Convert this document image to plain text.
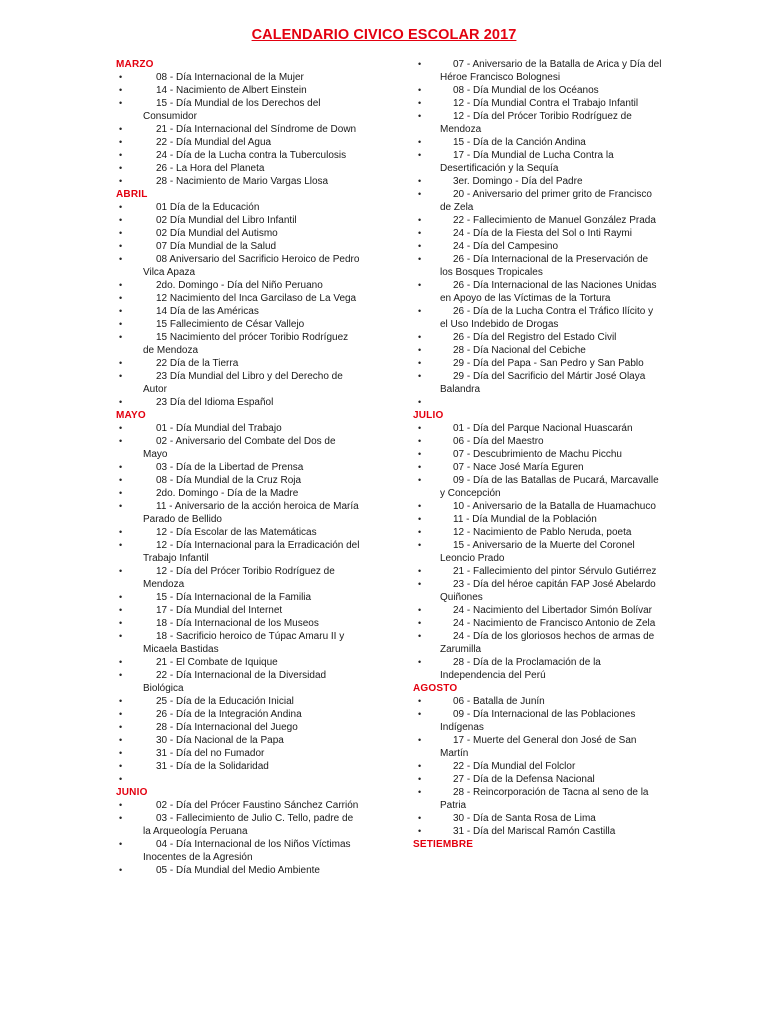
CALENDARIO CIVICO ESCOLAR 2017
MARZO
•	08 - Día Internacional de la Mujer
•	14 - Nacimiento de Albert Einstein
•	15 - Día Mundial de los Derechos del Consumidor
•	21 - Día Internacional del Síndrome de Down
•	22 - Día Mundial del Agua
•	24 - Día de la Lucha contra la Tuberculosis
•	26 - La Hora del Planeta
•	28 - Nacimiento de Mario Vargas Llosa
ABRIL
•	01 Día de la Educación
•	02 Día Mundial del Libro Infantil
•	02 Día Mundial del Autismo
•	07 Día Mundial de la Salud
•	08 Aniversario del Sacrificio Heroico de Pedro Vilca Apaza
•	2do. Domingo - Día del Niño Peruano
•	12 Nacimiento del Inca Garcilaso de La Vega
•	14 Día de las Américas
•	15 Fallecimiento de César Vallejo
•	15 Nacimiento del prócer Toribio Rodríguez de Mendoza
•	22 Día de la Tierra
•	23 Día Mundial del Libro y del Derecho de Autor
•	23 Día del Idioma Español
MAYO
•	01 - Día Mundial del Trabajo
•	02 - Aniversario del Combate del Dos de Mayo
•	03 - Día de la Libertad de Prensa
•	08 - Día Mundial de la Cruz Roja
•	2do. Domingo - Día de la Madre
•	11 - Aniversario de la acción heroica de María Parado de Bellido
•	12 - Día Escolar de las Matemáticas
•	12 - Día Internacional para la Erradicación del Trabajo Infantil
•	12 - Día del Prócer Toribio Rodríguez de Mendoza
•	15 - Día Internacional de la Familia
•	17 - Día Mundial del Internet
•	18 - Día Internacional de los Museos
•	18 - Sacrificio heroico de Túpac Amaru II y Micaela Bastidas
•	21 - El Combate de Iquique
•	22 - Día Internacional de la Diversidad Biológica
•	25 - Día de la Educación Inicial
•	26 - Día de la Integración Andina
•	28 - Día Internacional del Juego
•	30 - Día Nacional de la Papa
•	31 - Día del no Fumador
•	31 - Día de la Solidaridad
•
JUNIO
•	02 - Día del Prócer Faustino Sánchez Carrión
•	03 - Fallecimiento de Julio C. Tello, padre de la Arqueología Peruana
•	04 - Día Internacional de los Niños Víctimas Inocentes de la Agresión
•	05 - Día Mundial del Medio Ambiente
•	07 - Aniversario de la Batalla de Arica y Día del Héroe Francisco Bolognesi
•	08 - Día Mundial de los Océanos
•	12 - Día Mundial Contra el Trabajo Infantil
•	12 - Día del Prócer Toribio Rodríguez de Mendoza
•	15 - Día de la Canción Andina
•	17 - Día Mundial de Lucha Contra la Desertificación y la Sequía
•	3er. Domingo - Día del Padre
•	20 - Aniversario del primer grito de Francisco de Zela
•	22 - Fallecimiento de Manuel González Prada
•	24 - Día de la Fiesta del Sol o Inti Raymi
•	24 - Día del Campesino
•	26 - Día Internacional de la Preservación de los Bosques Tropicales
•	26 - Día Internacional de las Naciones Unidas en Apoyo de las Víctimas de la Tortura
•	26 - Día de la Lucha Contra el Tráfico Ilícito y el Uso Indebido de Drogas
•	26 - Día del Registro del Estado Civil
•	28 - Día Nacional del Cebiche
•	29 - Día del Papa - San Pedro y San Pablo
•	29 - Día del Sacrificio del Mártir José Olaya Balandra
•
JULIO
•	01 - Día del Parque Nacional Huascarán
•	06 - Día del Maestro
•	07 - Descubrimiento de Machu Picchu
•	07 - Nace José María Eguren
•	09 - Día de las Batallas de Pucará, Marcavalle y Concepción
•	10 - Aniversario de la Batalla de Huamachuco
•	11 - Día Mundial de la Población
•	12 - Nacimiento de Pablo Neruda, poeta
•	15 - Aniversario de la Muerte del Coronel Leoncio Prado
•	21 - Fallecimiento del pintor Sérvulo Gutiérrez
•	23 - Día del héroe capitán FAP José Abelardo Quiñones
•	24 - Nacimiento del Libertador Simón Bolívar
•	24 - Nacimiento de Francisco Antonio de Zela
•	24 - Día de los gloriosos hechos de armas de Zarumilla
•	28 - Día de la Proclamación de la Independencia del Perú
AGOSTO
•	06 - Batalla de Junín
•	09 - Día Internacional de las Poblaciones Indígenas
•	17 - Muerte del General don José de San Martín
•	22 - Día Mundial del Folclor
•	27 - Día de la Defensa Nacional
•	28 - Reincorporación de Tacna al seno de la Patria
•	30 - Día de Santa Rosa de Lima
•	31 - Día del Mariscal Ramón Castilla
SETIEMBRE
